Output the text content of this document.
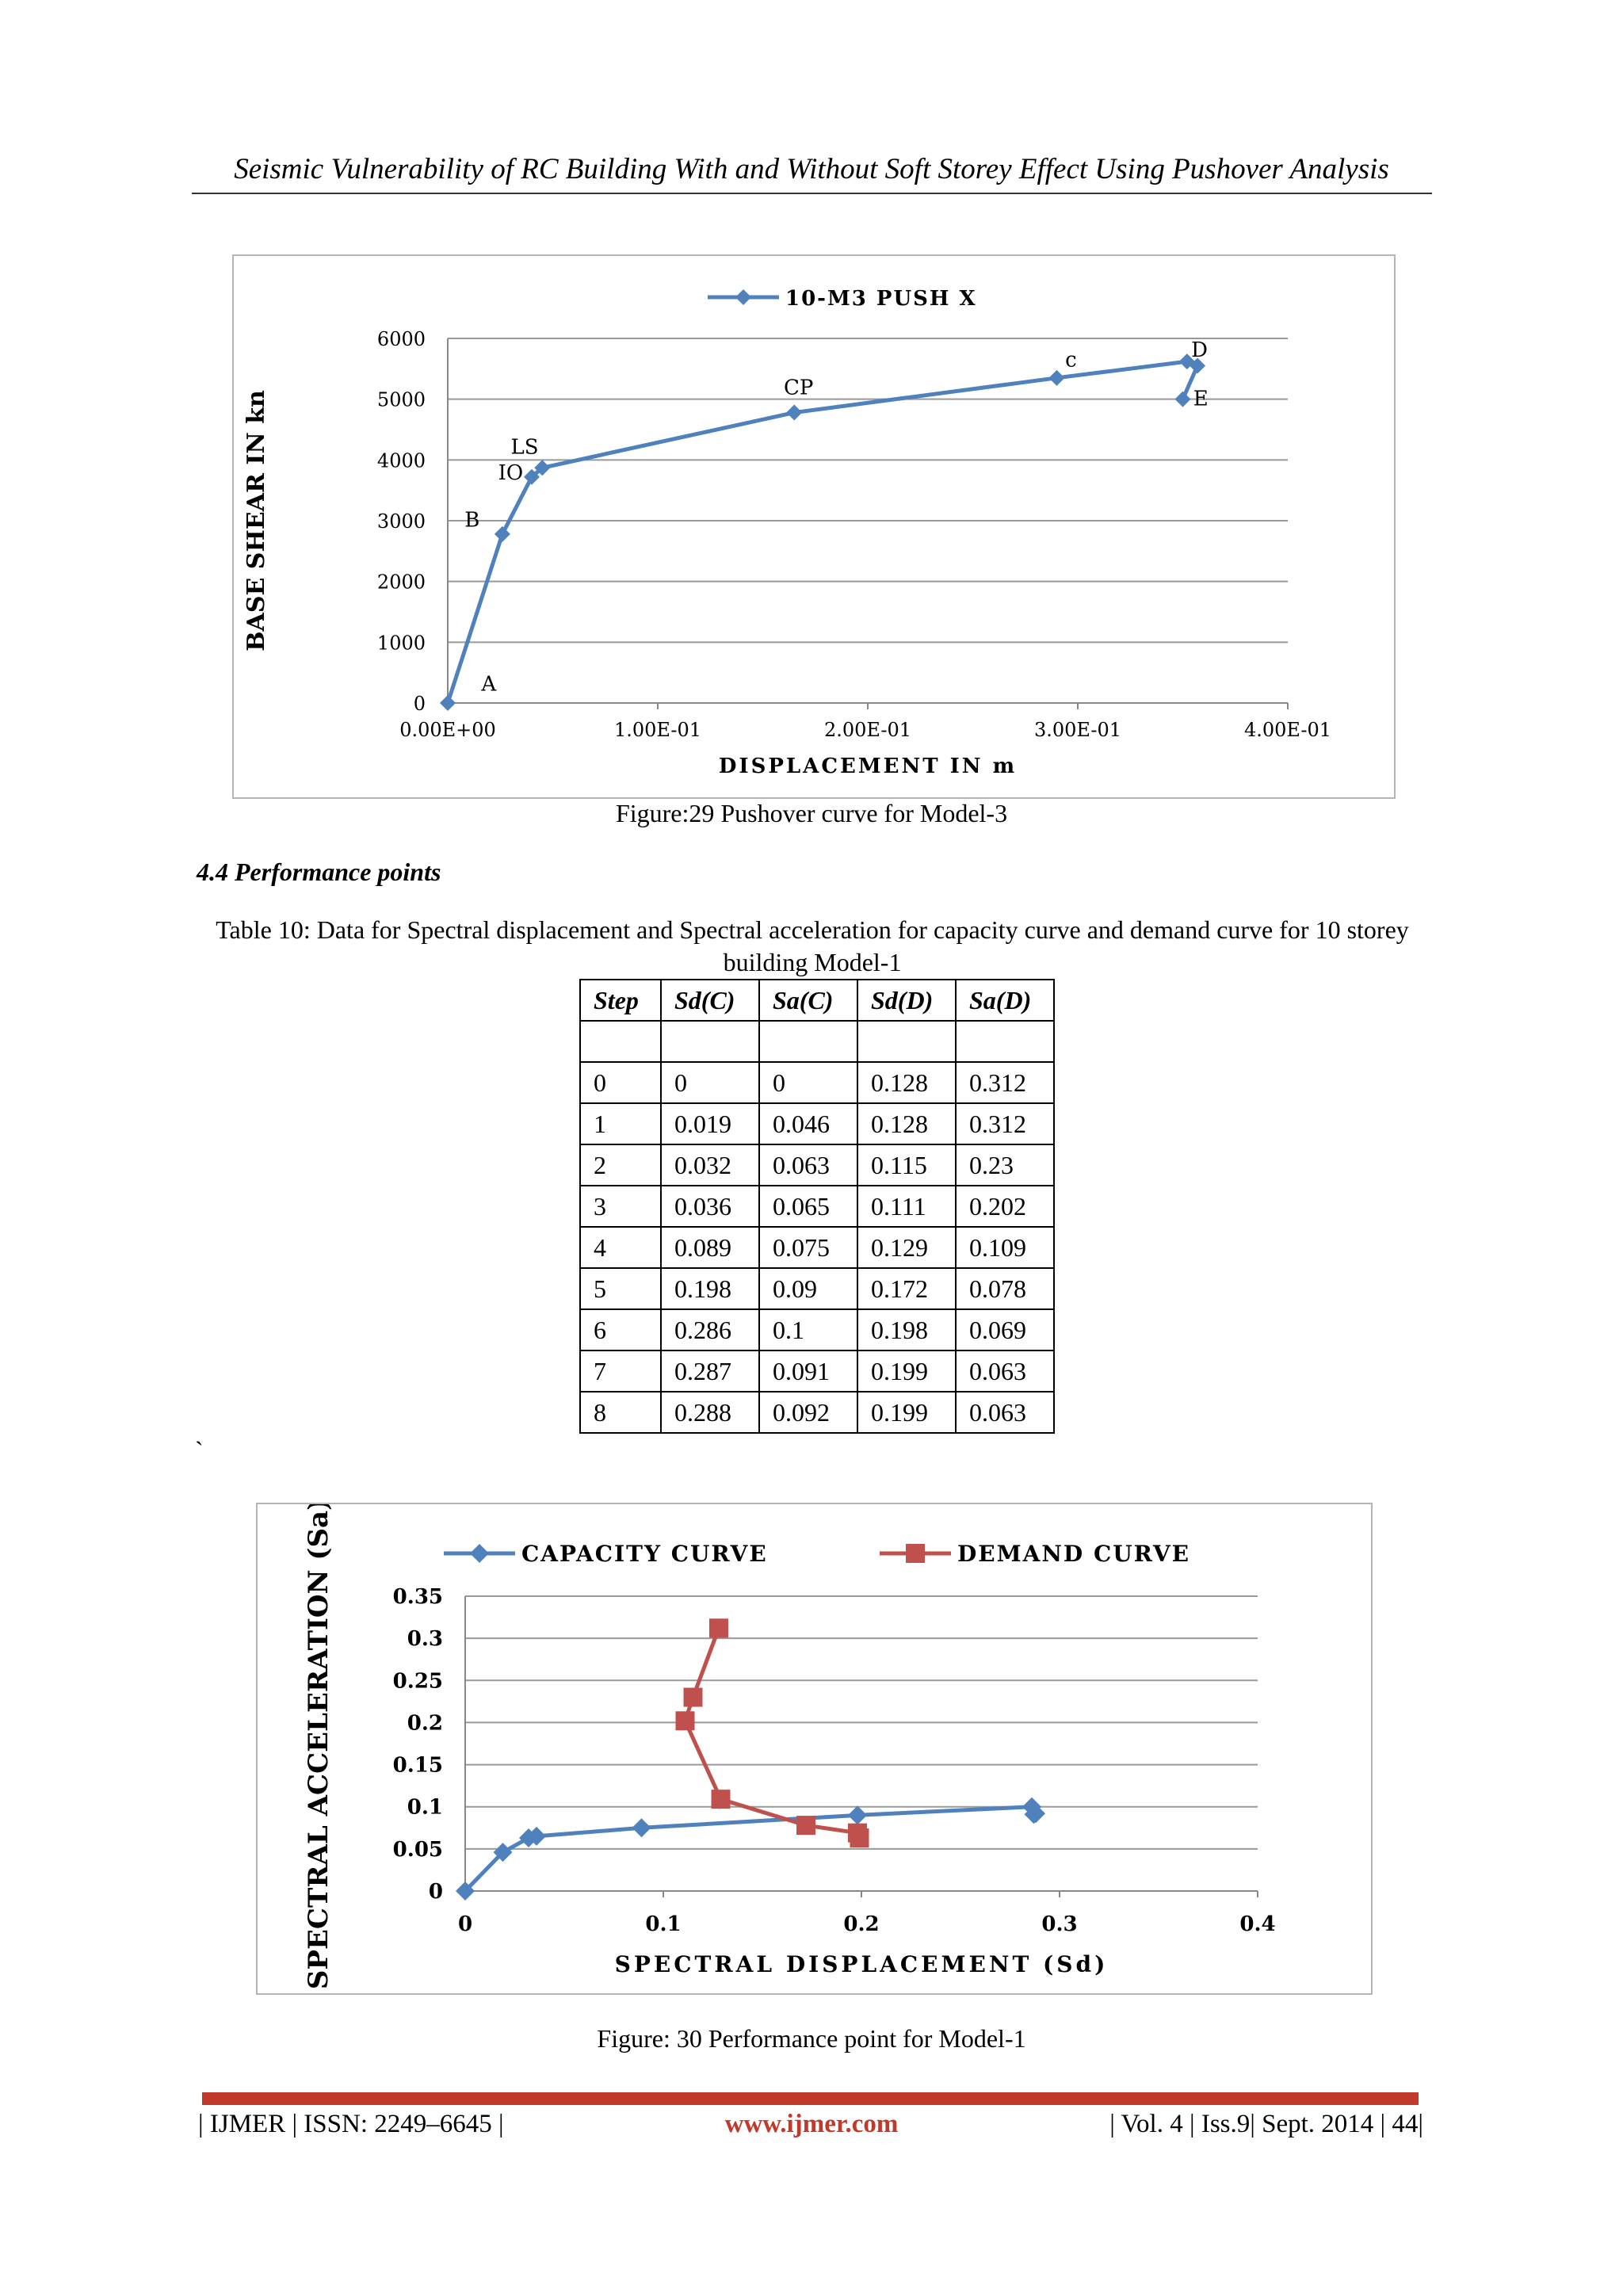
Seismic Vulnerability of RC Building With and Without Soft Storey Effect Using Pushover Analysis
0
1000
2000
3000
4000
5000
6000
0.00E+00	1.00E-01	2.00E-01	3.00E-01	4.00E-01
DISPLACEMENT IN m
BASE SHEAR IN kn
A
B
IO
LS
CP
c	D
E
10-M3 PUSH X
Figure:29 Pushover curve for Model-3
4.4 Performance points
Table 10: Data for Spectral displacement and Spectral acceleration for capacity curve and demand curve for 10 storey building Model-1
Step	Sd(C)	Sa(C)	Sd(D)	Sa(D)

0	0	0	0.128	0.312
1	0.019	0.046	0.128	0.312
2	0.032	0.063	0.115	0.23
3	0.036	0.065	0.111	0.202
4	0.089	0.075	0.129	0.109
5	0.198	0.09	0.172	0.078
6	0.286	0.1	0.198	0.069
7	0.287	0.091	0.199	0.063
8	0.288	0.092	0.199	0.063
`
0
0.05
0.1
0.15
0.2
0.25
0.3
0.35
0	0.1	0.2	0.3	0.4
SPECTRAL DISPLACEMENT (Sd)
SPECTRAL ACCELERATION (Sa)	CAPACITY CURVE	DEMAND CURVE
Figure: 30 Performance point for Model-1
| IJMER | ISSN: 2249–6645 |	www.ijmer.com	| Vol. 4 | Iss.9| Sept. 2014 | 44|
